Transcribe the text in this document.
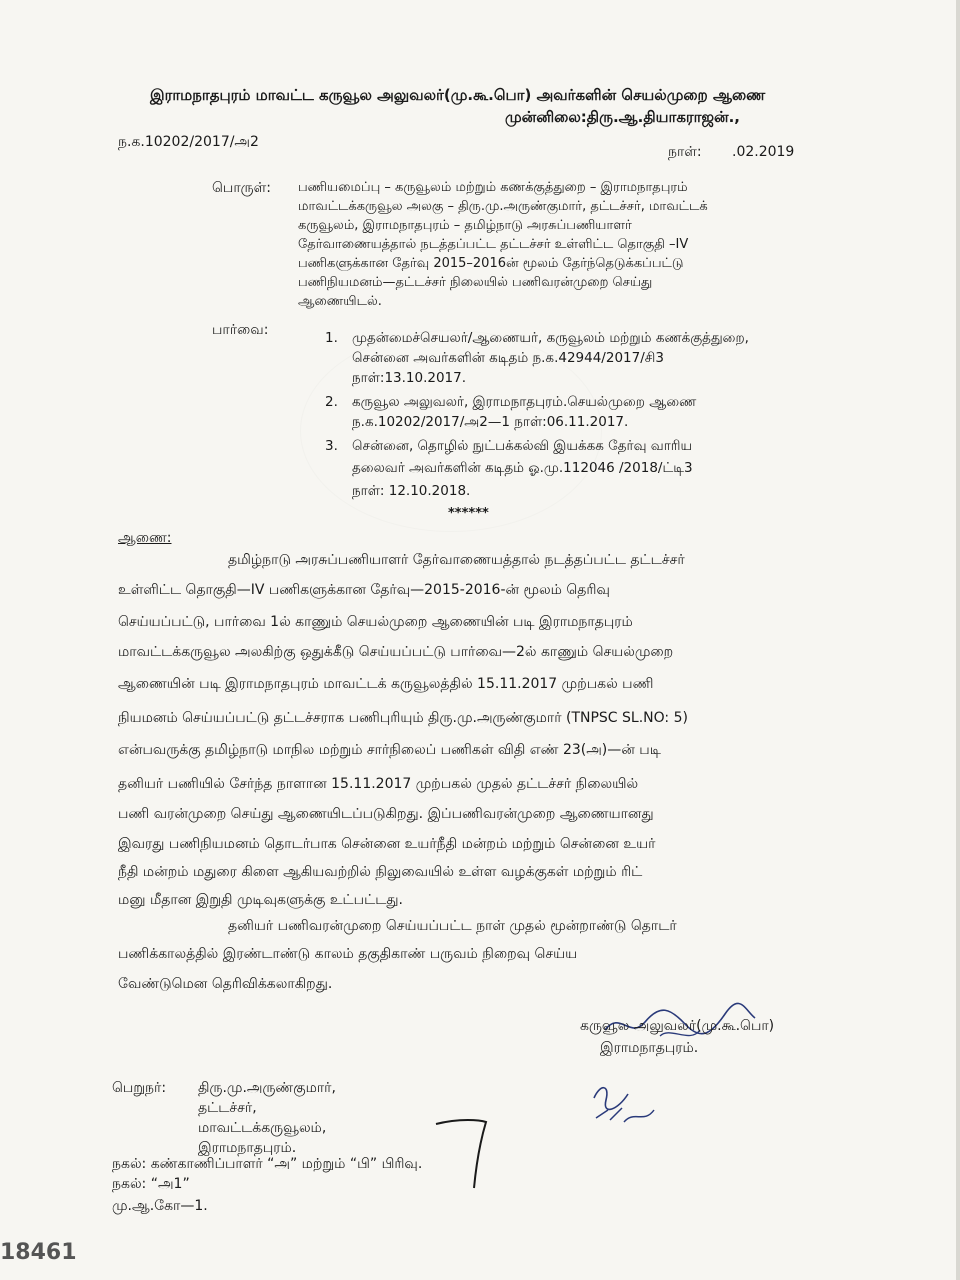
இராமநாதபுரம் மாவட்ட கருவூல அலுவலர்(மு.கூ.பொ) அவர்களின் செயல்முறை ஆணை
முன்னிலை:திரு.ஆ.தியாகராஜன்.,
ந.க.10202/2017/அ2
நாள்: .02.2019
பொருள்: பணியமைப்பு – கருவூலம் மற்றும் கணக்குத்துறை – இராமநாதபுரம்
மாவட்டக்கருவூல அலகு – திரு.மு.அருண்குமார், தட்டச்சர், மாவட்டக்
கருவூலம், இராமநாதபுரம் – தமிழ்நாடு அரசுப்பணியாளர்
தேர்வாணையத்தால் நடத்தப்பட்ட தட்டச்சர் உள்ளிட்ட தொகுதி –IV
பணிகளுக்கான தேர்வு 2015–2016ன் மூலம் தேர்ந்தெடுக்கப்பட்டு
பணிநியமனம்—தட்டச்சர் நிலையில் பணிவரன்முறை செய்து
ஆணையிடல்.
பார்வை:	1. முதன்மைச்செயலர்/ஆணையர், கருவூலம் மற்றும் கணக்குத்துறை,
சென்னை அவர்களின் கடிதம் ந.க.42944/2017/சி3
நாள்:13.10.2017.
2. கருவூல அலுவலர், இராமநாதபுரம்.செயல்முறை ஆணை
ந.க.10202/2017/அ2—1 நாள்:06.11.2017.
3. சென்னை, தொழில் நுட்பக்கல்வி இயக்கக தேர்வு வாரிய
தலைவர் அவர்களின் கடிதம் ஓ.மு.112046 /2018/ட்டி3
நாள்: 12.10.2018.
******
ஆணை:
தமிழ்நாடு அரசுப்பணியாளர் தேர்வாணையத்தால் நடத்தப்பட்ட தட்டச்சர்
உள்ளிட்ட தொகுதி—IV பணிகளுக்கான தேர்வு—2015-2016-ன் மூலம் தெரிவு
செய்யப்பட்டு, பார்வை 1ல் காணும் செயல்முறை ஆணையின் படி இராமநாதபுரம்
மாவட்டக்கருவூல அலகிற்கு ஒதுக்கீடு செய்யப்பட்டு பார்வை—2ல் காணும் செயல்முறை
ஆணையின் படி இராமநாதபுரம் மாவட்டக் கருவூலத்தில் 15.11.2017 முற்பகல் பணி
நியமனம் செய்யப்பட்டு தட்டச்சராக பணிபுரியும் திரு.மு.அருண்குமார் (TNPSC SL.NO: 5)
என்பவருக்கு தமிழ்நாடு மாநில மற்றும் சார்நிலைப் பணிகள் விதி எண் 23(அ)—ன் படி
தனியர் பணியில் சேர்ந்த நாளான 15.11.2017 முற்பகல் முதல் தட்டச்சர் நிலையில்
பணி வரன்முறை செய்து ஆணையிடப்படுகிறது. இப்பணிவரன்முறை ஆணையானது
இவரது பணிநியமனம் தொடர்பாக சென்னை உயர்நீதி மன்றம் மற்றும் சென்னை உயர்
நீதி மன்றம் மதுரை கிளை ஆகியவற்றில் நிலுவையில் உள்ள வழக்குகள் மற்றும் ரிட்
மனு மீதான இறுதி முடிவுகளுக்கு உட்பட்டது.
தனியர் பணிவரன்முறை செய்யப்பட்ட நாள் முதல் மூன்றாண்டு தொடர்
பணிக்காலத்தில் இரண்டாண்டு காலம் தகுதிகாண் பருவம் நிறைவு செய்ய
வேண்டுமென தெரிவிக்கலாகிறது.
கருவூல அலுவலர்(மு.கூ.பொ)
இராமநாதபுரம்.
பெறுநர்: திரு.மு.அருண்குமார்,
தட்டச்சர்,
மாவட்டக்கருவூலம்,
இராமநாதபுரம்.
நகல்: கண்காணிப்பாளர் “அ” மற்றும் “பி” பிரிவு.
நகல்: “அ1”
மு.ஆ.கோ—1.
18461
